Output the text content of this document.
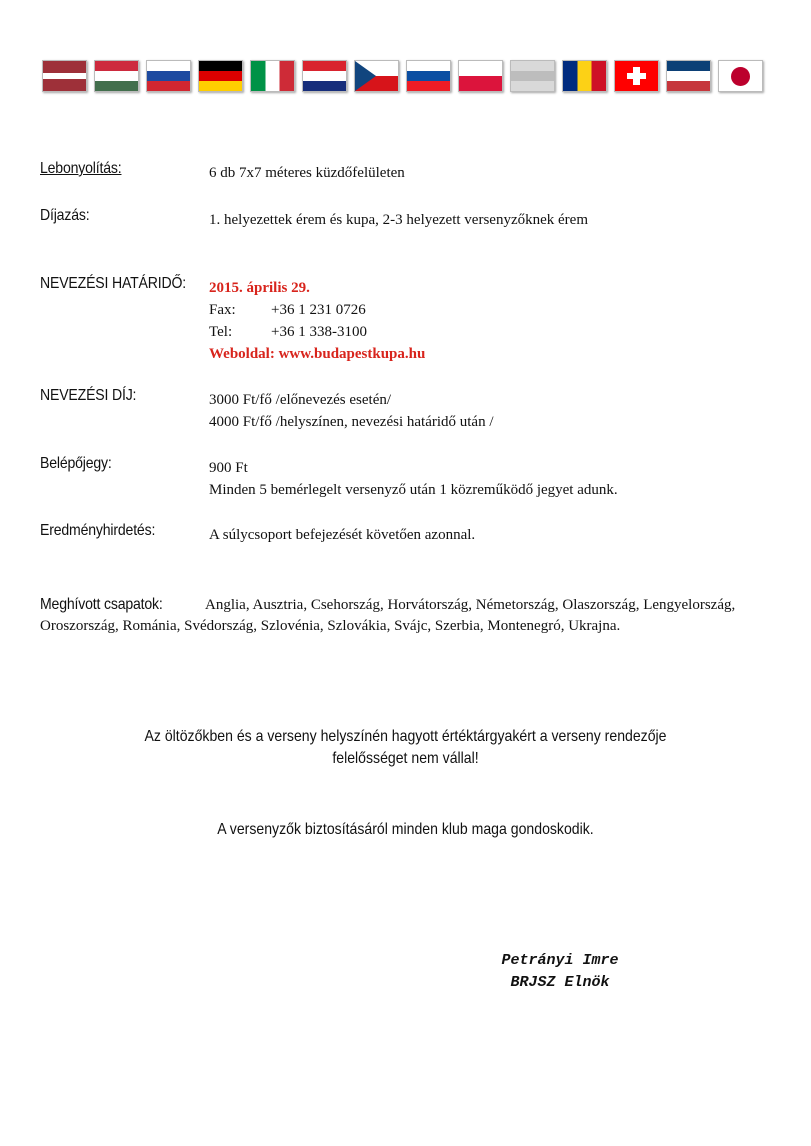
Lebonyolítás:	6 db 7x7 méteres küzdőfelületen
Díjazás:	1. helyezettek érem és kupa, 2-3 helyezett versenyzőknek érem
NEVEZÉSI HATÁRIDŐ: 2015. április 29.
Fax:	+36 1 231 0726
Tel:	+36 1 338-3100
Weboldal: www.budapestkupa.hu
NEVEZÉSI DÍJ:	3000 Ft/fő /előnevezés esetén/
4000 Ft/fő /helyszínen, nevezési határidő után /
Belépőjegy:	900 Ft
Minden 5 bemérlegelt versenyző után 1 közreműködő jegyet adunk.
Eredményhirdetés:	A súlycsoport befejezését követően azonnal.
Meghívott csapatok:	Anglia, Ausztria, Csehország, Horvátország, Németország, Olaszország, Lengyelország, Oroszország, Románia, Svédország, Szlovénia, Szlovákia, Svájc, Szerbia, Montenegró, Ukrajna.
Az öltözőkben és a verseny helyszínén hagyott értéktárgyakért a verseny rendezője
felelősséget nem vállal!
A versenyzők biztosításáról minden klub maga gondoskodik.
Petrányi Imre
BRJSZ Elnök
